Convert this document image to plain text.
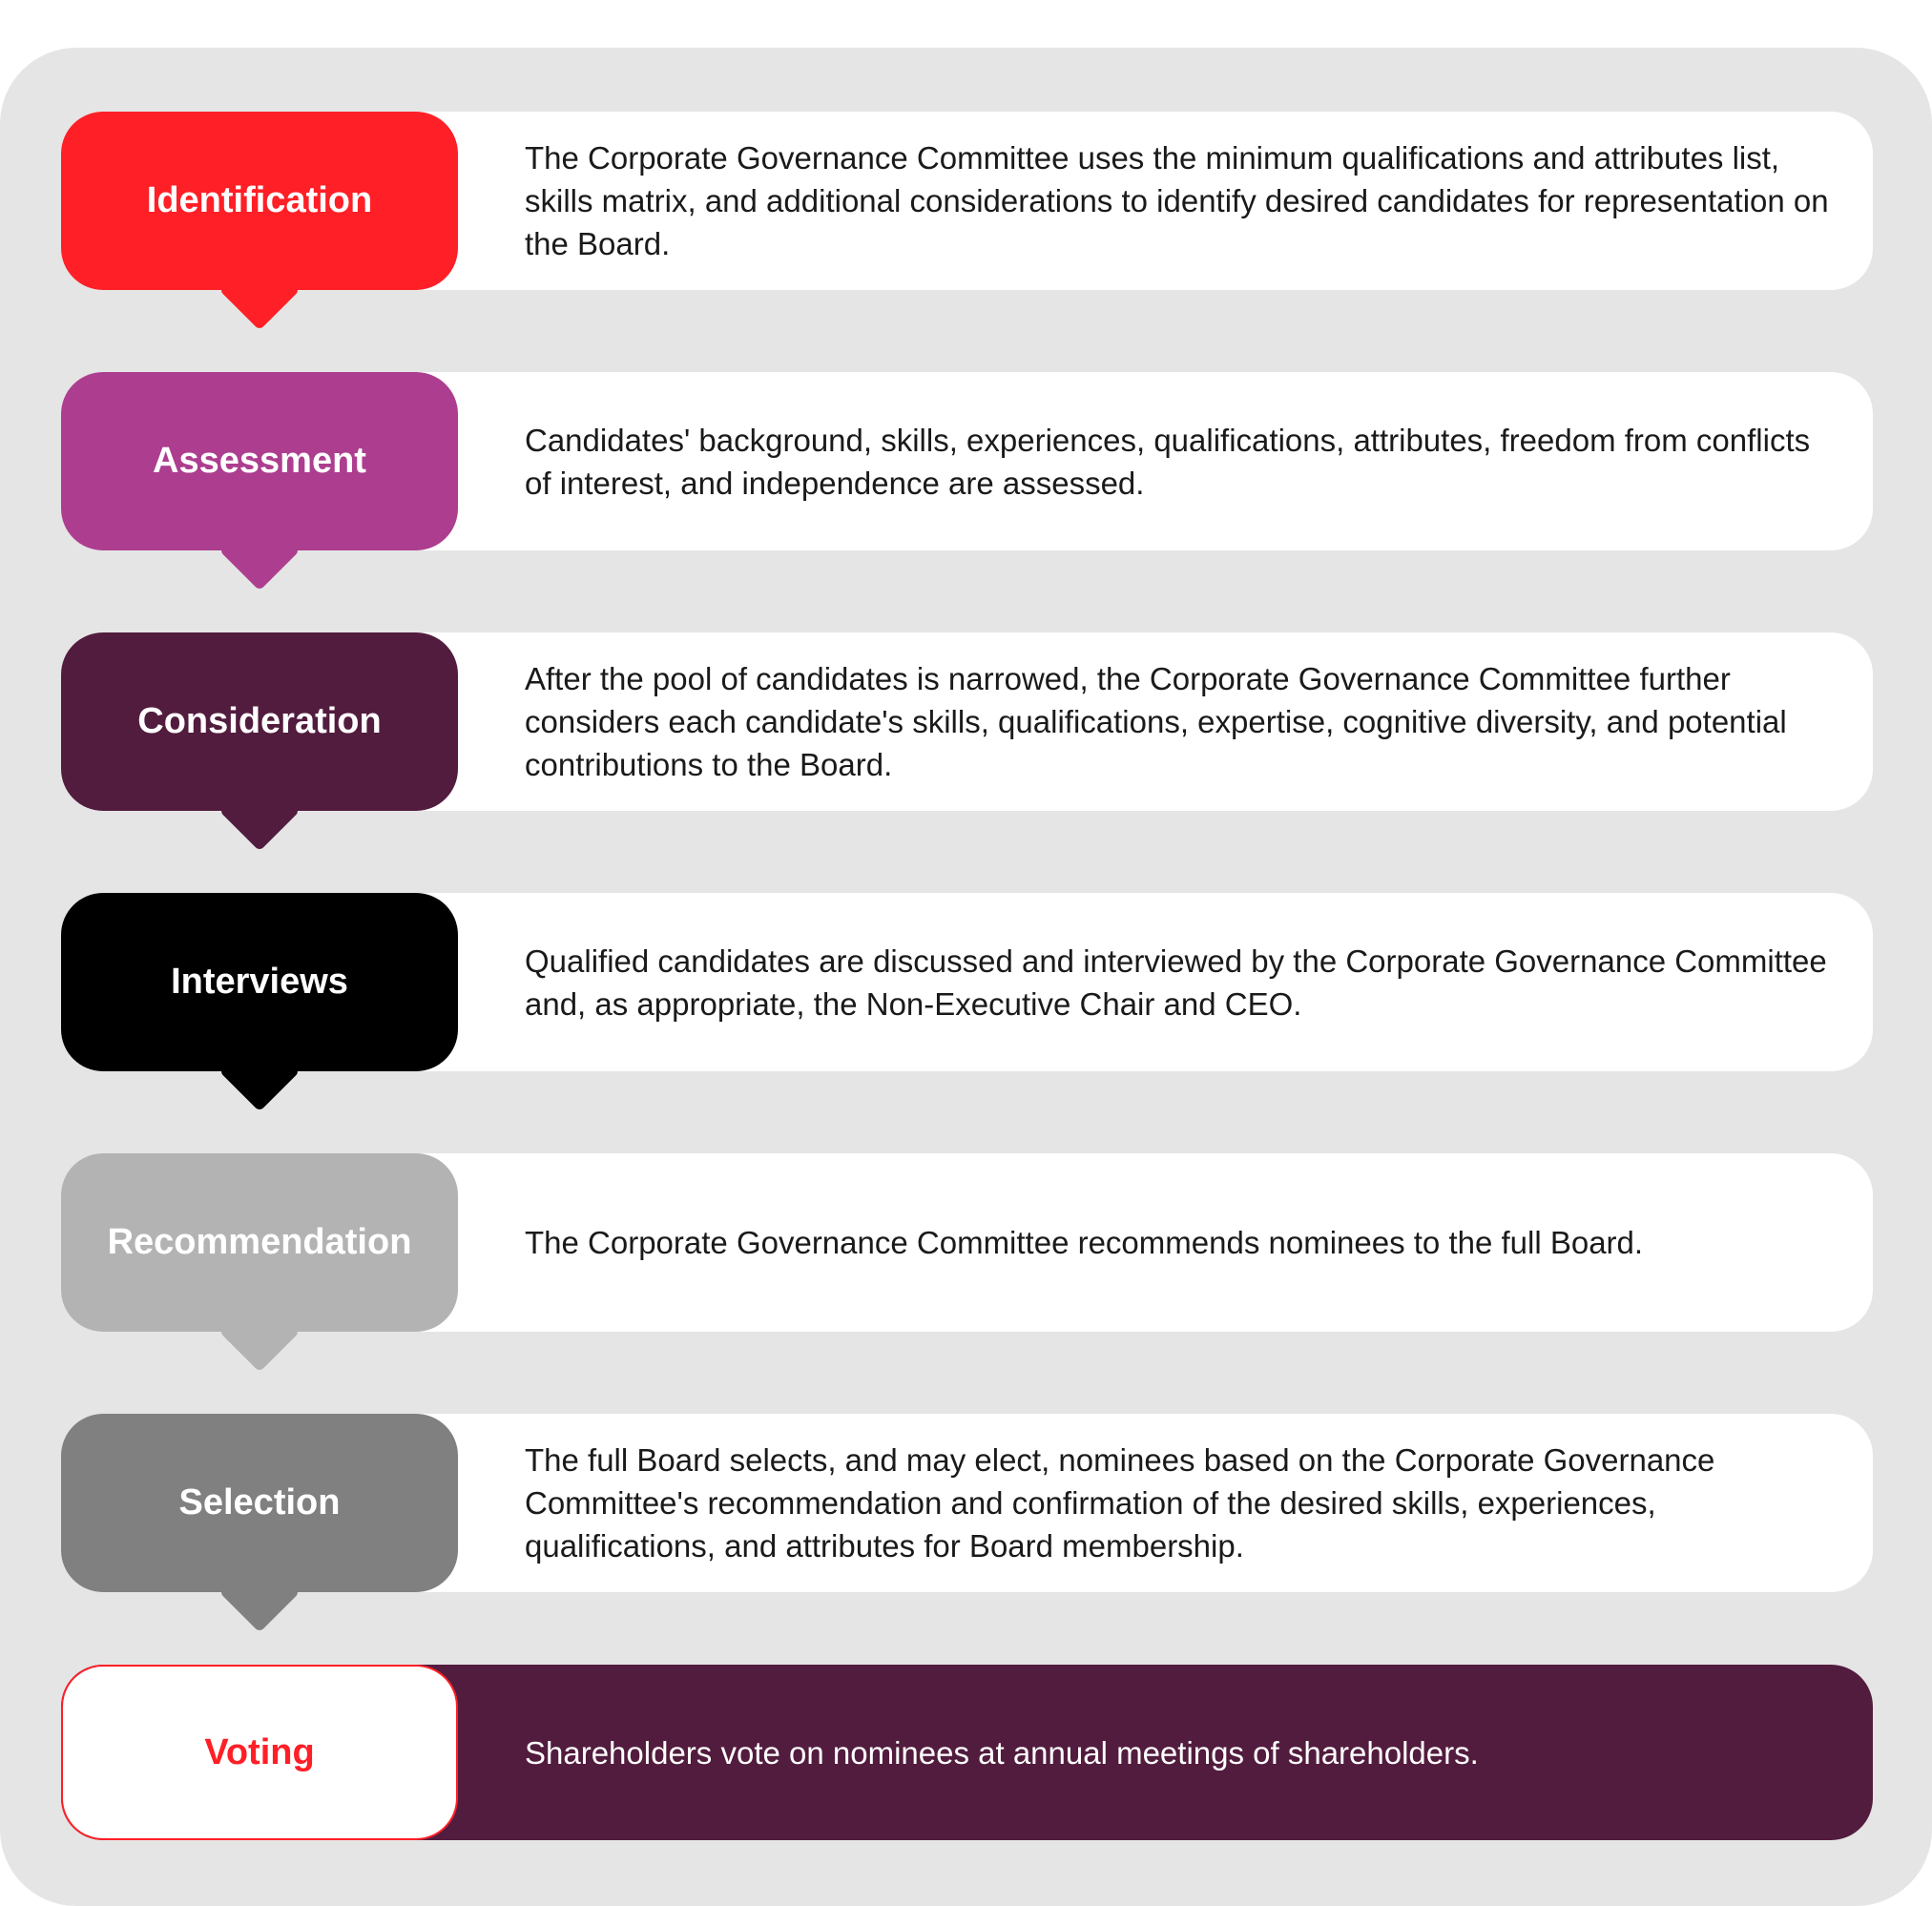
Identification
The Corporate Governance Committee uses the minimum qualifications and attributes list, skills matrix, and additional considerations to identify desired candidates for representation on the Board.
Assessment
Candidates' background, skills, experiences, qualifications, attributes, freedom from conflicts of interest, and independence are assessed.
Consideration
After the pool of candidates is narrowed, the Corporate Governance Committee further considers each candidate's skills, qualifications, expertise, cognitive diversity, and potential contributions to the Board.
Interviews
Qualified candidates are discussed and interviewed by the Corporate Governance Committee and, as appropriate, the Non-Executive Chair and CEO.
Recommendation	The Corporate Governance Committee recommends nominees to the full Board.
Selection
The full Board selects, and may elect, nominees based on the Corporate Governance Committee's recommendation and confirmation of the desired skills, experiences, qualifications, and attributes for Board membership.
Voting	Shareholders vote on nominees at annual meetings of shareholders.
